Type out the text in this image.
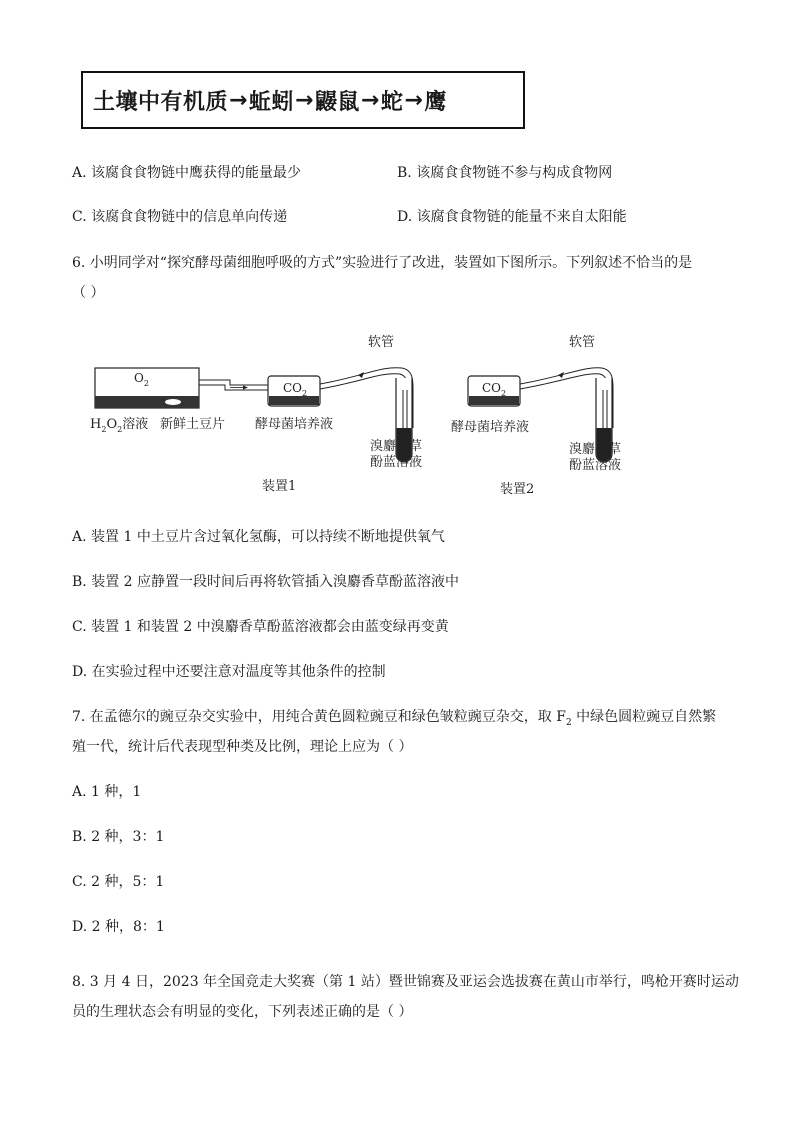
土壤中有机质 → 蚯蚓 → 鼹鼠 → 蛇 → 鹰
A. 该腐食食物链中鹰获得的能量最少	B. 该腐食食物链不参与构成食物网
C. 该腐食食物链中的信息单向传递	D. 该腐食食物链的能量不来自太阳能
6. 小明同学对“探究酵母菌细胞呼吸的方式”实验进行了改进，装置如下图所示。下列叙述不恰当的是
（ ）
$O_2$	$CO_2$	$CO_2$
软管	软管
$H_2O_2$溶液 新鲜土豆片 酵母菌培养液	酵母菌培养液
溴麝香草
酚蓝溶液
溴麝香草
酚蓝溶液
装置1	装置2
A. 装置 1 中土豆片含过氧化氢酶，可以持续不断地提供氧气
B. 装置 2 应静置一段时间后再将软管插入溴麝香草酚蓝溶液中
C. 装置 1 和装置 2 中溴麝香草酚蓝溶液都会由蓝变绿再变黄
D. 在实验过程中还要注意对温度等其他条件的控制
7. 在孟德尔的豌豆杂交实验中，用纯合黄色圆粒豌豆和绿色皱粒豌豆杂交，取 $F_2$ 中绿色圆粒豌豆自然繁
殖一代，统计后代表现型种类及比例，理论上应为（ ）
A. 1 种，1
B. 2 种，3：1
C. 2 种，5：1
D. 2 种，8：1
8. 3 月 4 日，2023 年全国竞走大奖赛（第 1 站）暨世锦赛及亚运会选拔赛在黄山市举行，鸣枪开赛时运动
员的生理状态会有明显的变化，下列表述正确的是（ ）
